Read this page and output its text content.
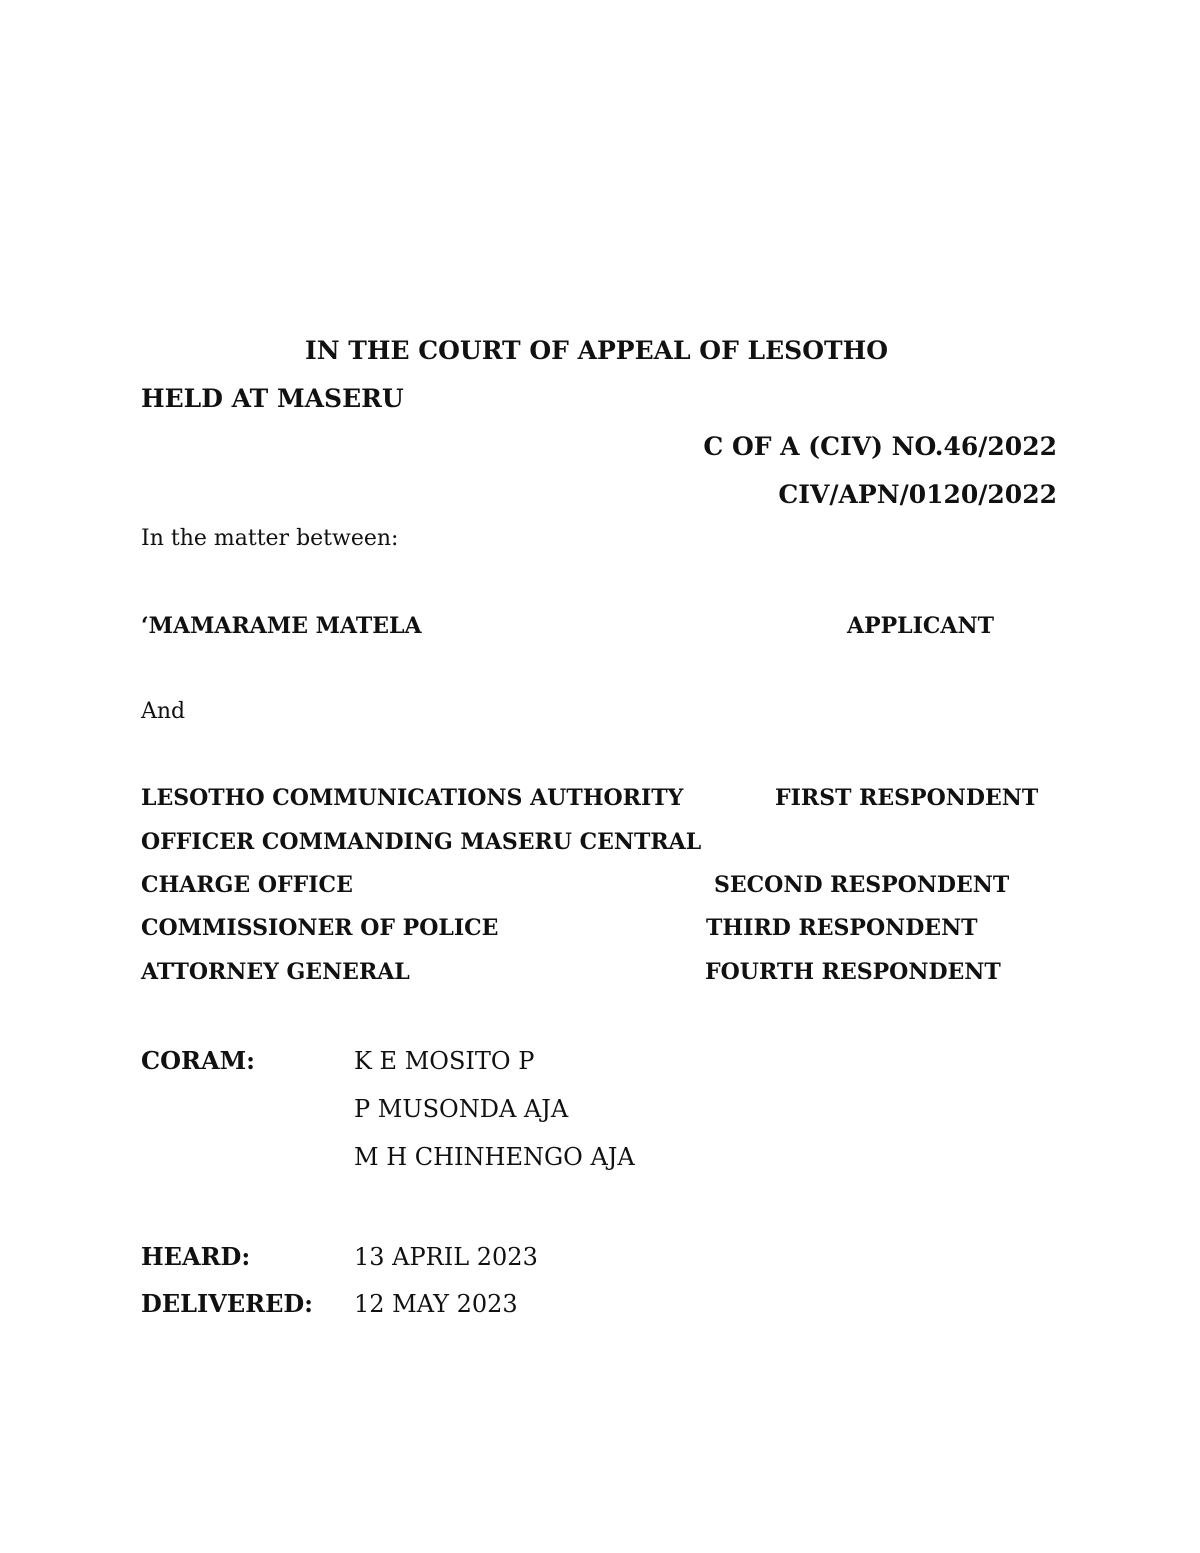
IN THE COURT OF APPEAL OF LESOTHO
HELD AT MASERU
C OF A (CIV) NO.46/2022
CIV/APN/0120/2022
In the matter between:
‘MAMARAME MATELA	APPLICANT
And
LESOTHO COMMUNICATIONS AUTHORITY	FIRST RESPONDENT
OFFICER COMMANDING MASERU CENTRAL
CHARGE OFFICE	SECOND RESPONDENT
COMMISSIONER OF POLICE	THIRD RESPONDENT
ATTORNEY GENERAL	FOURTH RESPONDENT
CORAM:	K E MOSITO P
P MUSONDA AJA
M H CHINHENGO AJA
HEARD:	13 APRIL 2023
DELIVERED: 12 MAY 2023
